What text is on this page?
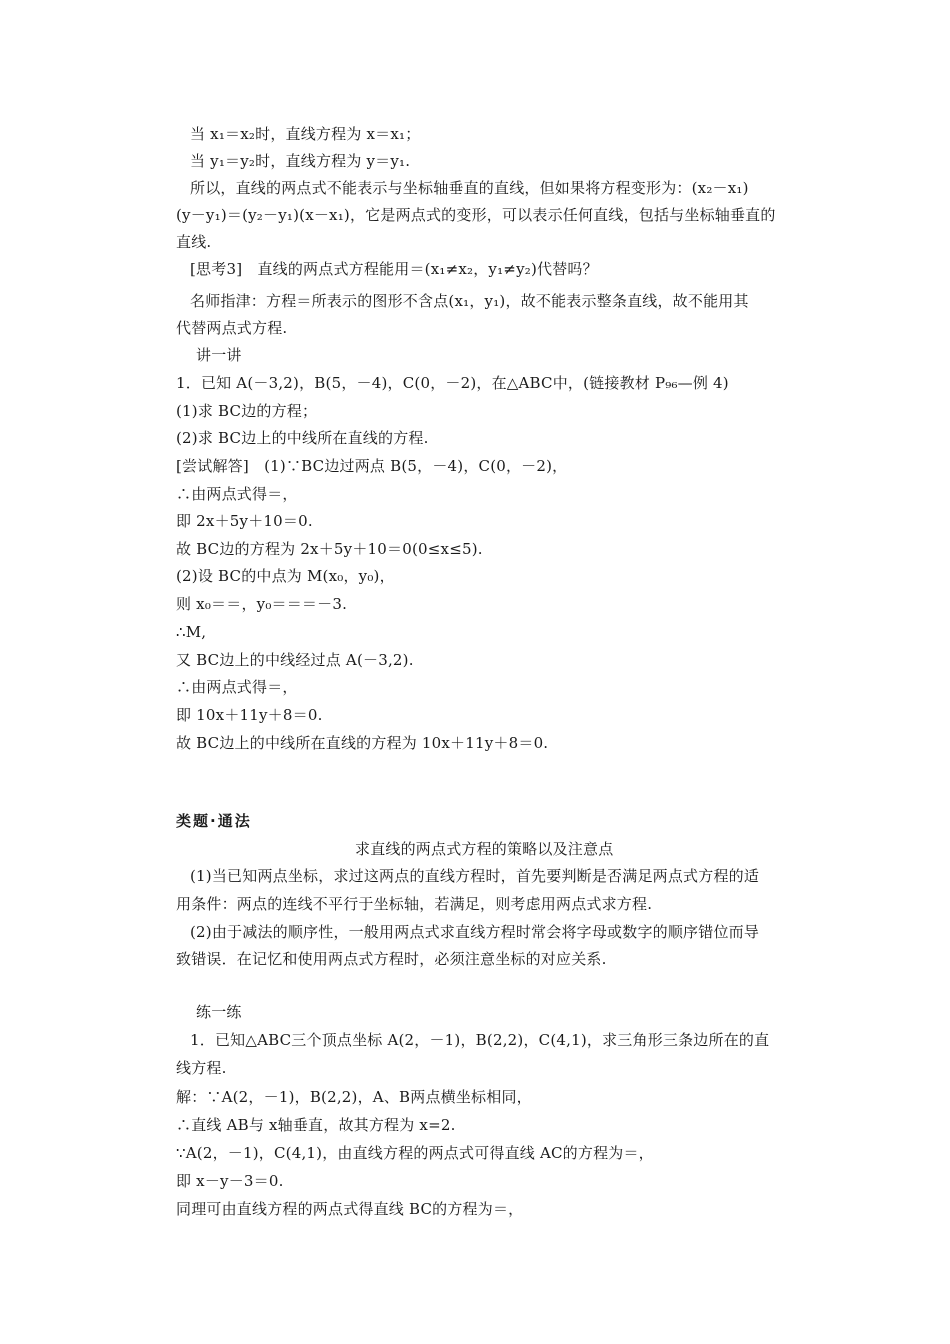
当 x₁＝x₂时，直线方程为 x＝x₁；
当 y₁＝y₂时，直线方程为 y＝y₁.
所以，直线的两点式不能表示与坐标轴垂直的直线，但如果将方程变形为：(x₂－x₁)
(y－y₁)＝(y₂－y₁)(x－x₁)，它是两点式的变形，可以表示任何直线，包括与坐标轴垂直的
直线.
[思考3]　直线的两点式方程能用＝(x₁≠x₂，y₁≠y₂)代替吗？
名师指津：方程＝所表示的图形不含点(x₁，y₁)，故不能表示整条直线，故不能用其
代替两点式方程.
讲一讲
1．已知 A(－3,2)，B(5，－4)，C(0，－2)，在△ABC中，(链接教材 P₉₆—例 4)
(1)求 BC边的方程；
(2)求 BC边上的中线所在直线的方程.
[尝试解答]　(1)∵BC边过两点 B(5，－4)，C(0，－2)，
∴由两点式得＝，
即 2x＋5y＋10＝0.
故 BC边的方程为 2x＋5y＋10＝0(0≤x≤5).
(2)设 BC的中点为 M(x₀，y₀)，
则 x₀＝＝，y₀＝＝＝－3.
∴M,
又 BC边上的中线经过点 A(－3,2).
∴由两点式得＝，
即 10x＋11y＋8＝0.
故 BC边上的中线所在直线的方程为 10x＋11y＋8＝0.
类题·通法
求直线的两点式方程的策略以及注意点
(1)当已知两点坐标，求过这两点的直线方程时，首先要判断是否满足两点式方程的适
用条件：两点的连线不平行于坐标轴，若满足，则考虑用两点式求方程.
(2)由于减法的顺序性，一般用两点式求直线方程时常会将字母或数字的顺序错位而导
致错误．在记忆和使用两点式方程时，必须注意坐标的对应关系.
练一练
1．已知△ABC三个顶点坐标 A(2，－1)，B(2,2)，C(4,1)，求三角形三条边所在的直
线方程.
解：∵A(2，－1)，B(2,2)，A、B两点横坐标相同，
∴直线 AB与 x轴垂直，故其方程为 x=2.
∵A(2，－1)，C(4,1)，由直线方程的两点式可得直线 AC的方程为＝，
即 x－y－3＝0.
同理可由直线方程的两点式得直线 BC的方程为＝，
